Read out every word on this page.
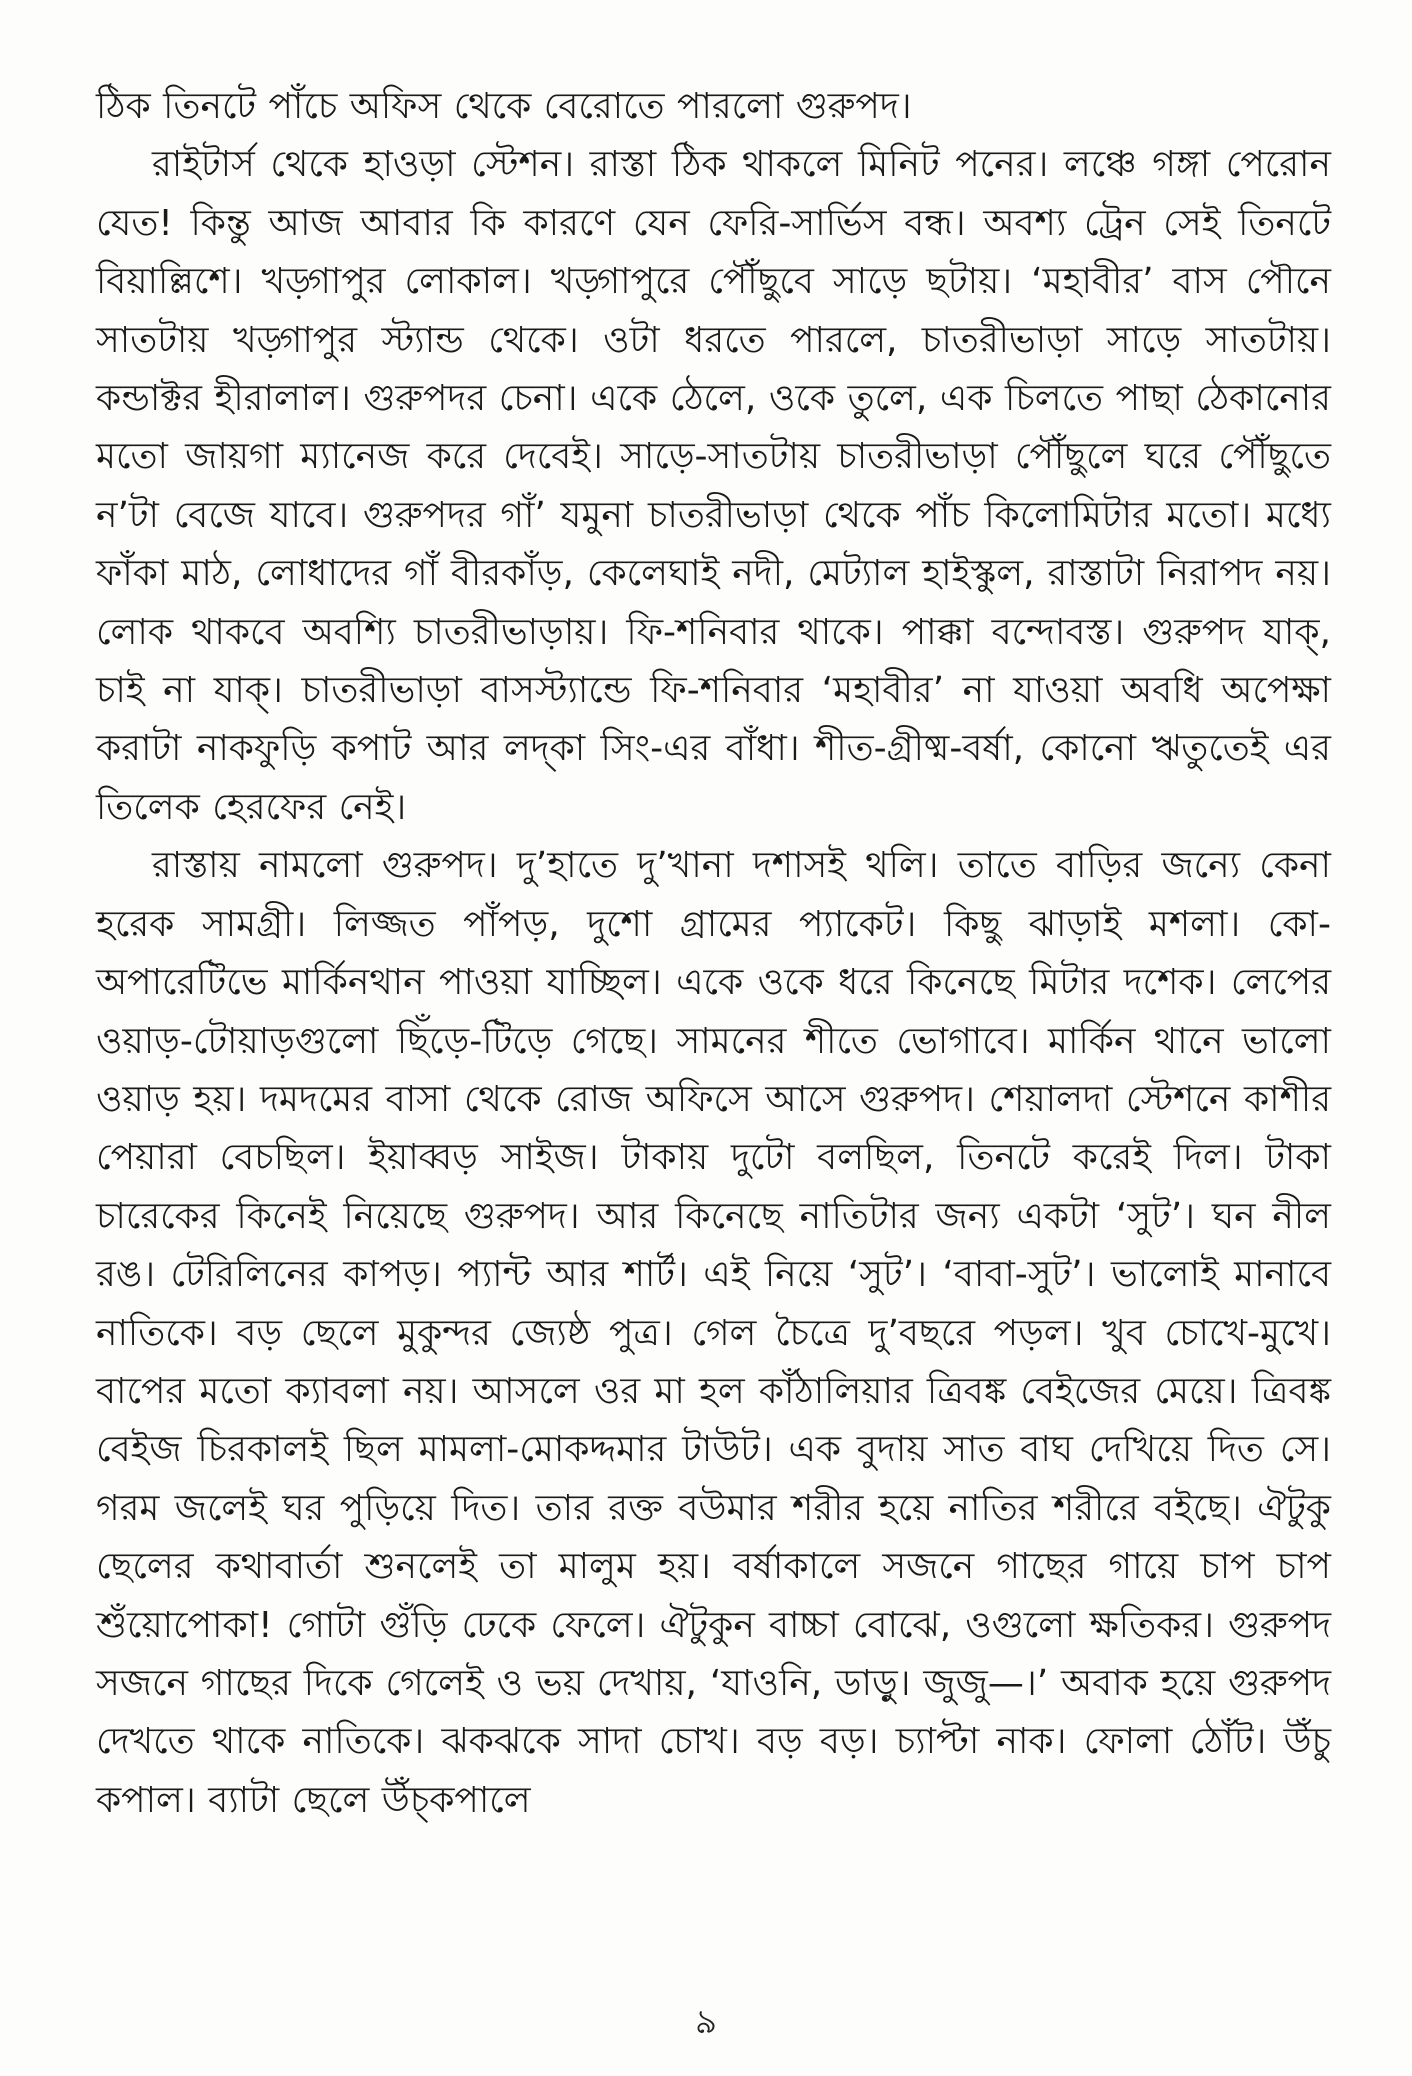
ঠিক তিনটে পাঁচে অফিস থেকে বেরোতে পারলো গুরুপদ।

রাইটার্স থেকে হাওড়া স্টেশন। রাস্তা ঠিক থাকলে মিনিট পনের। লঞ্চে গঙ্গা পেরোন যেত! কিন্তু আজ আবার কি কারণে যেন ফেরি-সার্ভিস বন্ধ। অবশ্য ট্রেন সেই তিনটে বিয়াল্লিশে। খড়্গাপুর লোকাল। খড়্গাপুরে পৌঁছুবে সাড়ে ছটায়। ‘মহাবীর’ বাস পৌনে সাতটায় খড়্গাপুর স্ট্যান্ড থেকে। ওটা ধরতে পারলে, চাতরীভাড়া সাড়ে সাতটায়। কন্ডাক্টর হীরালাল। গুরুপদর চেনা। একে ঠেলে, ওকে তুলে, এক চিলতে পাছা ঠেকানোর মতো জায়গা ম্যানেজ করে দেবেই। সাড়ে-সাতটায় চাতরীভাড়া পৌঁছুলে ঘরে পৌঁছুতে ন’টা বেজে যাবে। গুরুপদর গাঁ’ যমুনা চাতরীভাড়া থেকে পাঁচ কিলোমিটার মতো। মধ্যে ফাঁকা মাঠ, লোধাদের গাঁ বীরকাঁড়, কেলেঘাই নদী, মেট্যাল হাইস্কুল, রাস্তাটা নিরাপদ নয়। লোক থাকবে অবশ্যি চাতরীভাড়ায়। ফি-শনিবার থাকে। পাক্কা বন্দোবস্ত। গুরুপদ যাক্, চাই না যাক্। চাতরীভাড়া বাসস্ট্যান্ডে ফি-শনিবার ‘মহাবীর’ না যাওয়া অবধি অপেক্ষা করাটা নাকফুড়ি কপাট আর লদ্কা সিং-এর বাঁধা। শীত-গ্রীষ্ম-বর্ষা, কোনো ঋতুতেই এর তিলেক হেরফের নেই।

রাস্তায় নামলো গুরুপদ। দু’হাতে দু’খানা দশাসই থলি। তাতে বাড়ির জন্যে কেনা হরেক সামগ্রী। লিজ্জত পাঁপড়, দুশো গ্রামের প্যাকেট। কিছু ঝাড়াই মশলা। কো-অপারেটিভে মার্কিনথান পাওয়া যাচ্ছিল। একে ওকে ধরে কিনেছে মিটার দশেক। লেপের ওয়াড়-টোয়াড়গুলো ছিঁড়ে-টিড়ে গেছে। সামনের শীতে ভোগাবে। মার্কিন থানে ভালো ওয়াড় হয়। দমদমের বাসা থেকে রোজ অফিসে আসে গুরুপদ। শেয়ালদা স্টেশনে কাশীর পেয়ারা বেচছিল। ইয়াব্বড় সাইজ। টাকায় দুটো বলছিল, তিনটে করেই দিল। টাকা চারেকের কিনেই নিয়েছে গুরুপদ। আর কিনেছে নাতিটার জন্য একটা ‘সুট’। ঘন নীল রঙ। টেরিলিনের কাপড়। প্যান্ট আর শার্ট। এই নিয়ে ‘সুট’। ‘বাবা-সুট’। ভালোই মানাবে নাতিকে। বড় ছেলে মুকুন্দর জ্যেষ্ঠ পুত্র। গেল চৈত্রে দু’বছরে পড়ল। খুব চোখে-মুখে। বাপের মতো ক্যাবলা নয়। আসলে ওর মা হল কাঁঠালিয়ার ত্রিবঙ্ক বেইজের মেয়ে। ত্রিবঙ্ক বেইজ চিরকালই ছিল মামলা-মোকদ্দমার টাউট। এক বুদায় সাত বাঘ দেখিয়ে দিত সে। গরম জলেই ঘর পুড়িয়ে দিত। তার রক্ত বউমার শরীর হয়ে নাতির শরীরে বইছে। ঐটুকু ছেলের কথাবার্তা শুনলেই তা মালুম হয়। বর্ষাকালে সজনে গাছের গায়ে চাপ চাপ শুঁয়োপোকা! গোটা গুঁড়ি ঢেকে ফেলে। ঐটুকুন বাচ্চা বোঝে, ওগুলো ক্ষতিকর। গুরুপদ সজনে গাছের দিকে গেলেই ও ভয় দেখায়, ‘যাওনি, ডাড়ু। জুজু—।’ অবাক হয়ে গুরুপদ দেখতে থাকে নাতিকে। ঝকঝকে সাদা চোখ। বড় বড়। চ্যাপ্টা নাক। ফোলা ঠোঁট। উঁচু কপাল। ব্যাটা ছেলে উঁচ্কপালে

৯
